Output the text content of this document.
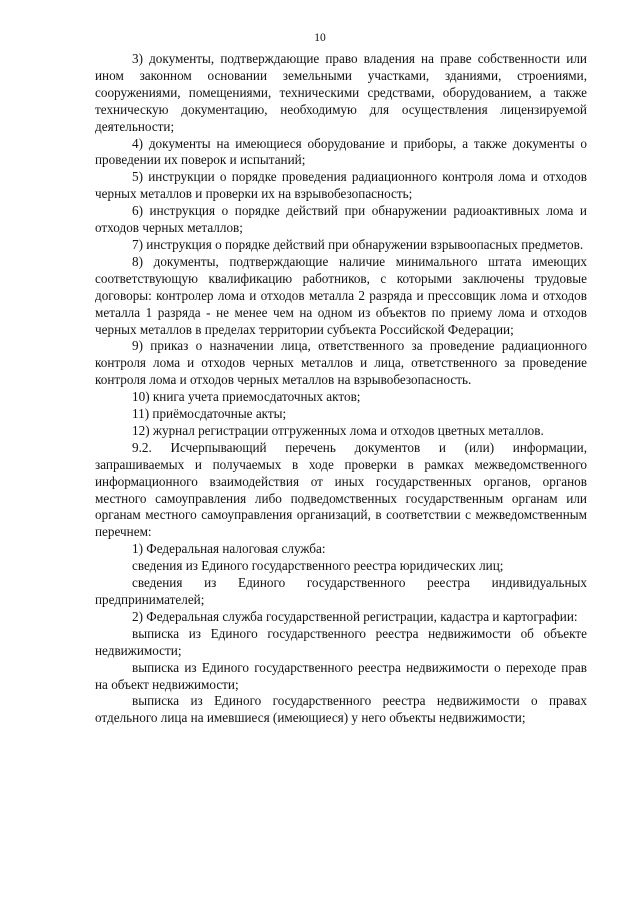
10

3) документы, подтверждающие право владения на праве собственности или ином законном основании земельными участками, зданиями, строениями, сооружениями, помещениями, техническими средствами, оборудованием, а также техническую документацию, необходимую для осуществления лицензируемой деятельности;

4) документы на имеющиеся оборудование и приборы, а также документы о проведении их поверок и испытаний;

5) инструкции о порядке проведения радиационного контроля лома и отходов черных металлов и проверки их на взрывобезопасность;

6) инструкция о порядке действий при обнаружении радиоактивных лома и отходов черных металлов;

7) инструкция о порядке действий при обнаружении взрывоопасных предметов.

8) документы, подтверждающие наличие минимального штата имеющих соответствующую квалификацию работников, с которыми заключены трудовые договоры: контролер лома и отходов металла 2 разряда и прессовщик лома и отходов металла 1 разряда - не менее чем на одном из объектов по приему лома и отходов черных металлов в пределах территории субъекта Российской Федерации;

9) приказ о назначении лица, ответственного за проведение радиационного контроля лома и отходов черных металлов и лица, ответственного за проведение контроля лома и отходов черных металлов на взрывобезопасность.

10) книга учета приемосдаточных актов;

11) приёмосдаточные акты;

12) журнал регистрации отгруженных лома и отходов цветных металлов.

9.2. Исчерпывающий перечень документов и (или) информации, запрашиваемых и получаемых в ходе проверки в рамках межведомственного информационного взаимодействия от иных государственных органов, органов местного самоуправления либо подведомственных государственным органам или органам местного самоуправления организаций, в соответствии с межведомственным перечнем:

1) Федеральная налоговая служба:

сведения из Единого государственного реестра юридических лиц;

сведения из Единого государственного реестра индивидуальных предпринимателей;

2) Федеральная служба государственной регистрации, кадастра и картографии:

выписка из Единого государственного реестра недвижимости об объекте недвижимости;

выписка из Единого государственного реестра недвижимости о переходе прав на объект недвижимости;

выписка из Единого государственного реестра недвижимости о правах отдельного лица на имевшиеся (имеющиеся) у него объекты недвижимости;
